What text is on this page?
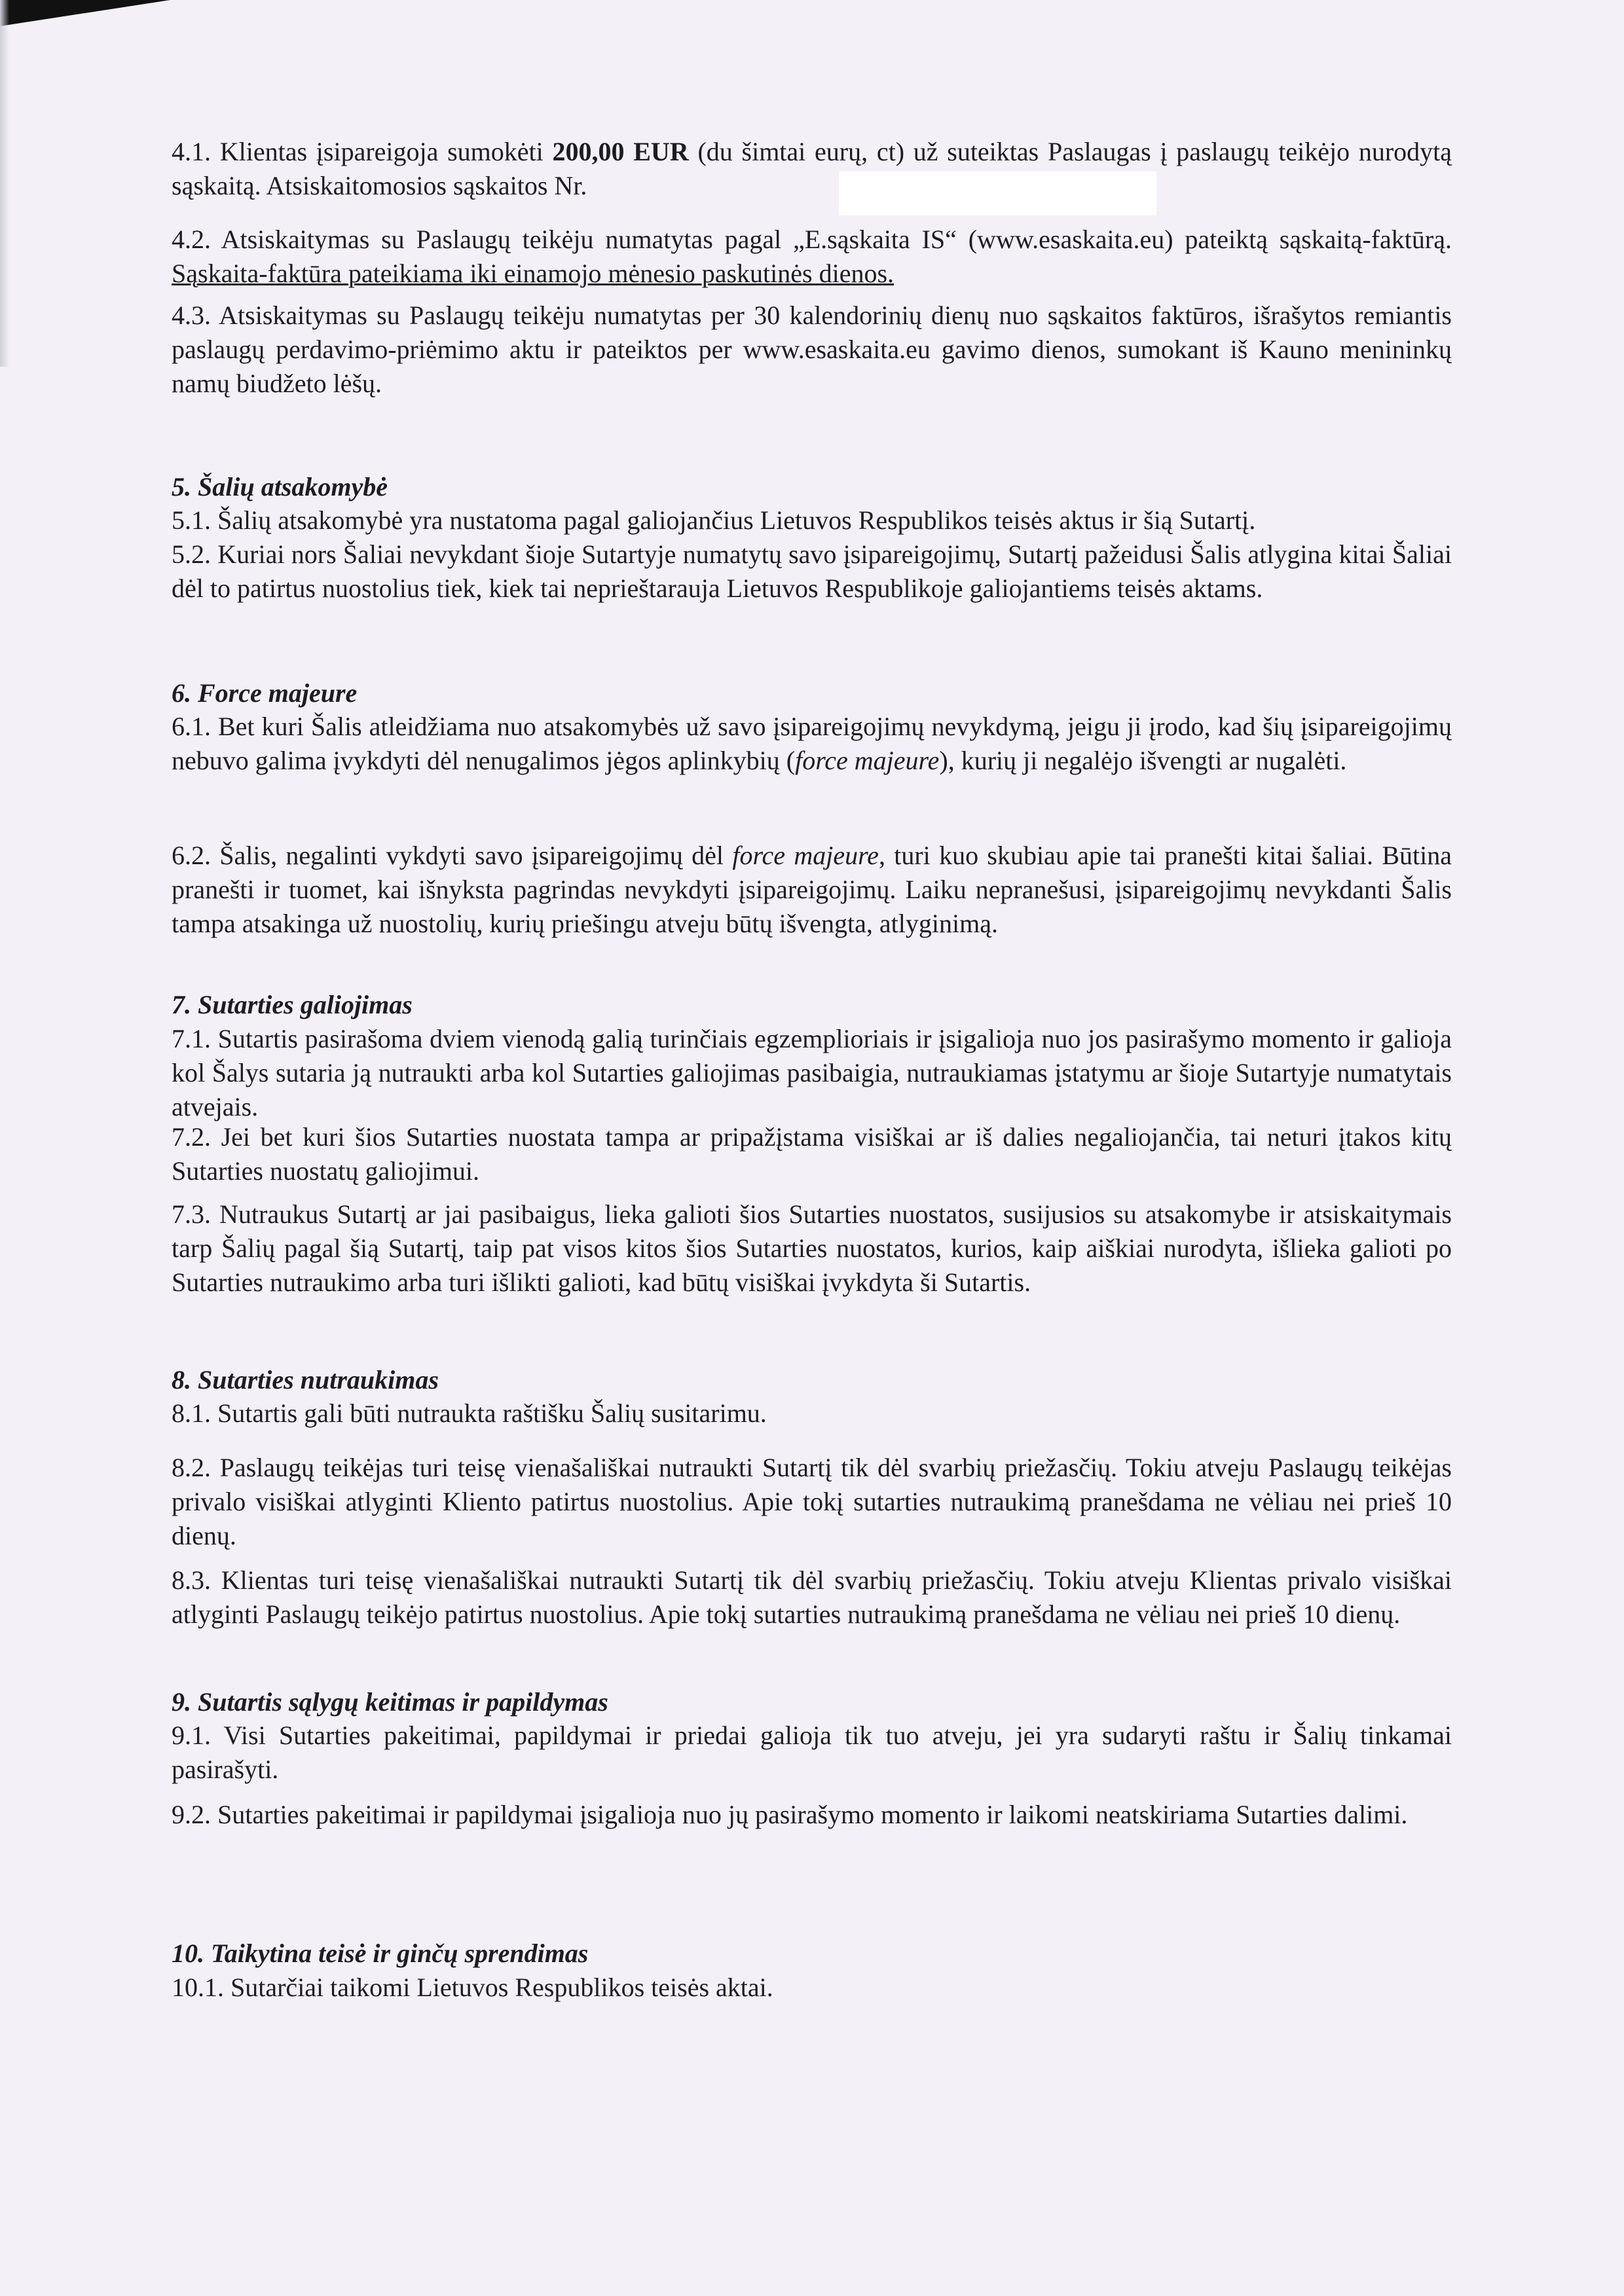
4.1. Klientas įsipareigoja sumokėti 200,00 EUR (du šimtai eurų, ct) už suteiktas Paslaugas į paslaugų teikėjo nurodytą sąskaitą. Atsiskaitomosios sąskaitos Nr.
4.2. Atsiskaitymas su Paslaugų teikėju numatytas pagal „E.sąskaita IS“ (www.esaskaita.eu) pateiktą sąskaitą-faktūrą. Sąskaita-faktūra pateikiama iki einamojo mėnesio paskutinės dienos.
4.3. Atsiskaitymas su Paslaugų teikėju numatytas per 30 kalendorinių dienų nuo sąskaitos faktūros, išrašytos remiantis paslaugų perdavimo-priėmimo aktu ir pateiktos per www.esaskaita.eu gavimo dienos, sumokant iš Kauno menininkų namų biudžeto lėšų.
5. Šalių atsakomybė
5.1. Šalių atsakomybė yra nustatoma pagal galiojančius Lietuvos Respublikos teisės aktus ir šią Sutartį.
5.2. Kuriai nors Šaliai nevykdant šioje Sutartyje numatytų savo įsipareigojimų, Sutartį pažeidusi Šalis atlygina kitai Šaliai dėl to patirtus nuostolius tiek, kiek tai neprieštarauja Lietuvos Respublikoje galiojantiems teisės aktams.
6. Force majeure
6.1. Bet kuri Šalis atleidžiama nuo atsakomybės už savo įsipareigojimų nevykdymą, jeigu ji įrodo, kad šių įsipareigojimų nebuvo galima įvykdyti dėl nenugalimos jėgos aplinkybių (force majeure), kurių ji negalėjo išvengti ar nugalėti.
6.2. Šalis, negalinti vykdyti savo įsipareigojimų dėl force majeure, turi kuo skubiau apie tai pranešti kitai šaliai. Būtina pranešti ir tuomet, kai išnyksta pagrindas nevykdyti įsipareigojimų. Laiku nepranešusi, įsipareigojimų nevykdanti Šalis tampa atsakinga už nuostolių, kurių priešingu atveju būtų išvengta, atlyginimą.
7. Sutarties galiojimas
7.1. Sutartis pasirašoma dviem vienodą galią turinčiais egzemplioriais ir įsigalioja nuo jos pasirašymo momento ir galioja kol Šalys sutaria ją nutraukti arba kol Sutarties galiojimas pasibaigia, nutraukiamas įstatymu ar šioje Sutartyje numatytais atvejais.
7.2. Jei bet kuri šios Sutarties nuostata tampa ar pripažįstama visiškai ar iš dalies negaliojančia, tai neturi įtakos kitų Sutarties nuostatų galiojimui.
7.3. Nutraukus Sutartį ar jai pasibaigus, lieka galioti šios Sutarties nuostatos, susijusios su atsakomybe ir atsiskaitymais tarp Šalių pagal šią Sutartį, taip pat visos kitos šios Sutarties nuostatos, kurios, kaip aiškiai nurodyta, išlieka galioti po Sutarties nutraukimo arba turi išlikti galioti, kad būtų visiškai įvykdyta ši Sutartis.
8. Sutarties nutraukimas
8.1. Sutartis gali būti nutraukta raštišku Šalių susitarimu.
8.2. Paslaugų teikėjas turi teisę vienašališkai nutraukti Sutartį tik dėl svarbių priežasčių. Tokiu atveju Paslaugų teikėjas privalo visiškai atlyginti Kliento patirtus nuostolius. Apie tokį sutarties nutraukimą pranešdama ne vėliau nei prieš 10 dienų.
8.3. Klientas turi teisę vienašališkai nutraukti Sutartį tik dėl svarbių priežasčių. Tokiu atveju Klientas privalo visiškai atlyginti Paslaugų teikėjo patirtus nuostolius. Apie tokį sutarties nutraukimą pranešdama ne vėliau nei prieš 10 dienų.
9. Sutartis sąlygų keitimas ir papildymas
9.1. Visi Sutarties pakeitimai, papildymai ir priedai galioja tik tuo atveju, jei yra sudaryti raštu ir Šalių tinkamai pasirašyti.
9.2. Sutarties pakeitimai ir papildymai įsigalioja nuo jų pasirašymo momento ir laikomi neatskiriama Sutarties dalimi.
10. Taikytina teisė ir ginčų sprendimas
10.1. Sutarčiai taikomi Lietuvos Respublikos teisės aktai.
